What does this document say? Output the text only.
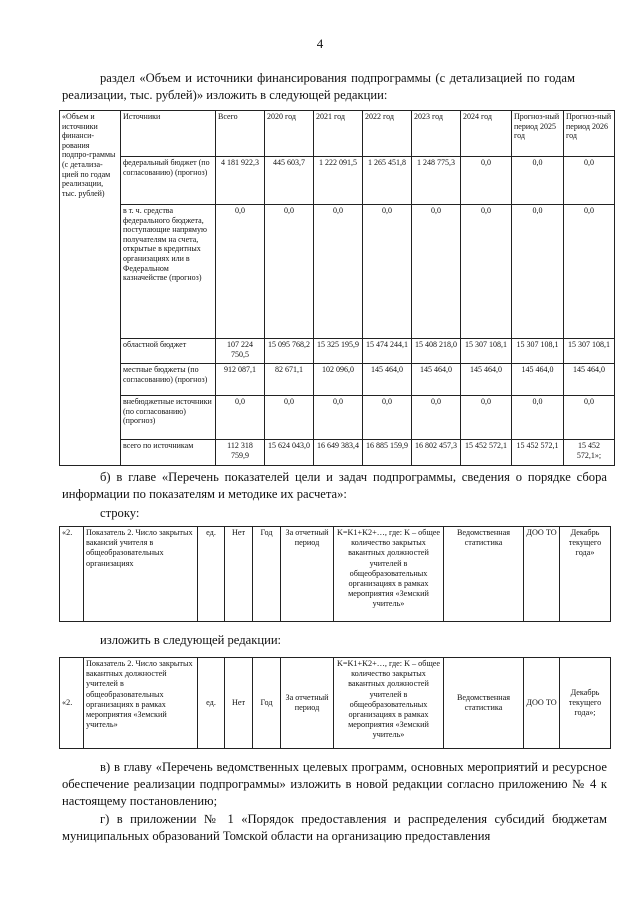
4
раздел «Объем и источники финансирования подпрограммы (с детализацией по годам реализации, тыс. рублей)» изложить в следующей редакции:
«Объем и источники финанси-рования подпро-граммы (с детализа-цией по годам реализации, тыс. рублей)	Источники	Всего	2020 год	2021 год	2022 год	2023 год	2024 год	Прогноз-ный период 2025 год	Прогноз-ный период 2026 год
	федеральный бюджет (по согласованию) (прогноз)	4 181 922,3	445 603,7	1 222 091,5	1 265 451,8	1 248 775,3	0,0	0,0	0,0
	в т. ч. средства федерального бюджета, поступающие напрямую получателям на счета, открытые в кредитных организациях или в Федеральном казначействе (прогноз)	0,0	0,0	0,0	0,0	0,0	0,0	0,0	0,0
	областной бюджет	107 224 750,5	15 095 768,2	15 325 195,9	15 474 244,1	15 408 218,0	15 307 108,1	15 307 108,1	15 307 108,1
	местные бюджеты (по согласованию) (прогноз)	912 087,1	82 671,1	102 096,0	145 464,0	145 464,0	145 464,0	145 464,0	145 464,0
	внебюджетные источники (по согласованию) (прогноз)	0,0	0,0	0,0	0,0	0,0	0,0	0,0	0,0
	всего по источникам	112 318 759,9	15 624 043,0	16 649 383,4	16 885 159,9	16 802 457,3	15 452 572,1	15 452 572,1	15 452 572,1»;
б) в главе «Перечень показателей цели и задач подпрограммы, сведения о порядке сбора информации по показателям и методике их расчета»:
строку:
«2.	Показатель 2. Число закрытых вакансий учителя в общеобразовательных организациях	ед.	Нет	Год	За отчетный период	K=K1+K2+…, где: K – общее количество закрытых вакантных должностей учителей в общеобразовательных организациях в рамках мероприятия «Земский учитель»	Ведомственная статистика	ДОО ТО	Декабрь текущего года»
изложить в следующей редакции:
«2.	Показатель 2. Число закрытых вакантных должностей учителей в общеобразовательных организациях в рамках мероприятия «Земский учитель»	ед.	Нет	Год	За отчетный период	K=K1+K2+…, где: K – общее количество закрытых вакантных должностей учителей в общеобразовательных организациях в рамках мероприятия «Земский учитель»	Ведомственная статистика	ДОО ТО	Декабрь текущего года»;
в) в главу «Перечень ведомственных целевых программ, основных мероприятий и ресурсное обеспечение реализации подпрограммы» изложить в новой редакции согласно приложению № 4 к настоящему постановлению;
г) в приложении № 1 «Порядок предоставления и распределения субсидий бюджетам муниципальных образований Томской области на организацию предоставления
